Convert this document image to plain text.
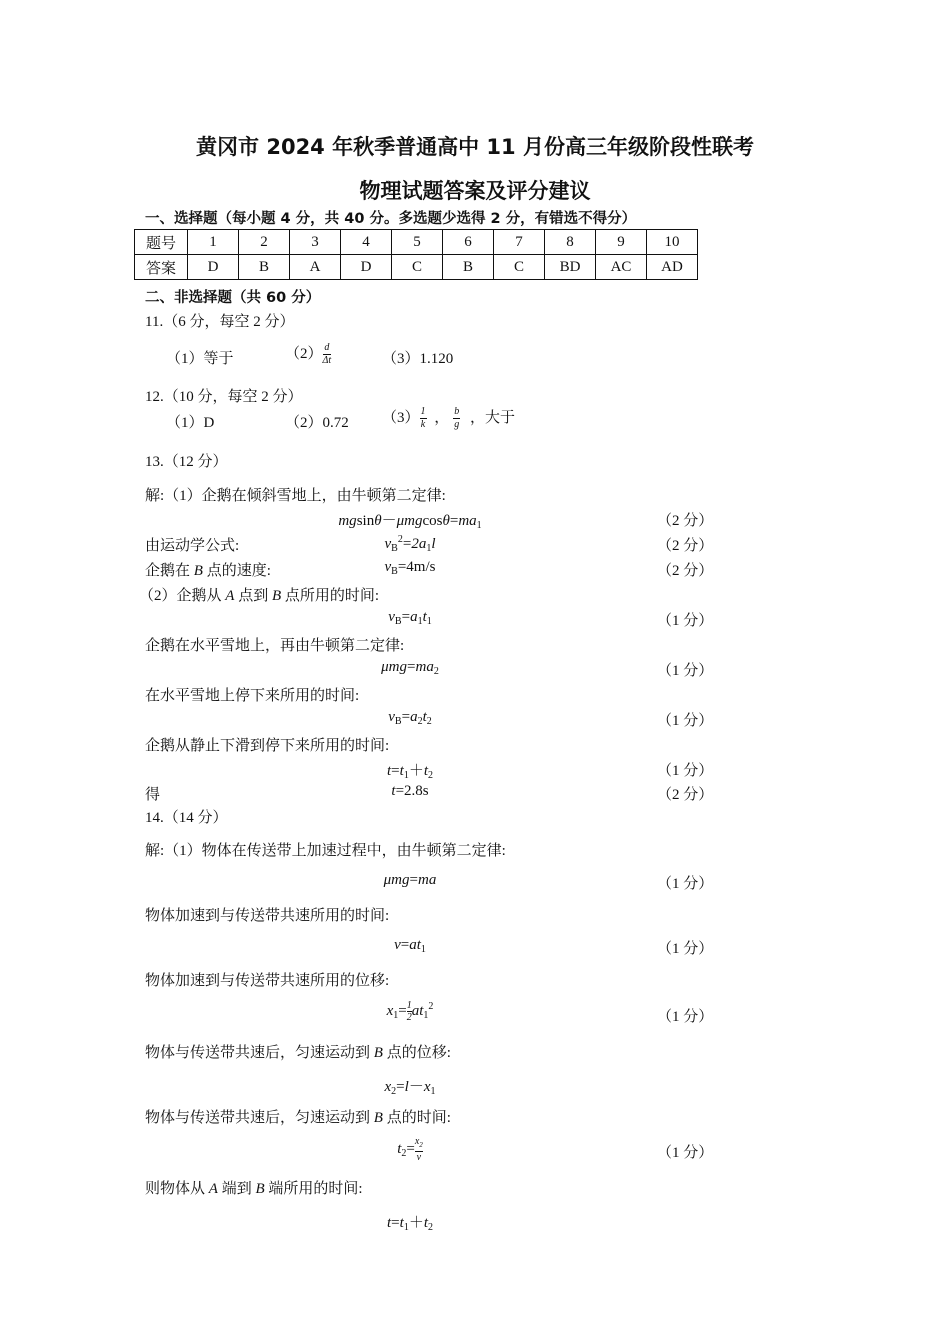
黄冈市 2024 年秋季普通高中 11 月份高三年级阶段性联考
物理试题答案及评分建议
一、选择题（每小题 4 分，共 40 分。多选题少选得 2 分，有错选不得分）
题号	1	2	3	4	5	6	7	8	9	10
答案	D	B	A	D	C	B	C	BD	AC	AD
二、非选择题（共 60 分）
11.（6 分，每空 2 分）
（1）等于	$(2) \frac{d}{\Delta t}$	（3）1.120
12.（10 分，每空 2 分）
（1）D	（2）0.72 $(3) \frac{1}{k}$ ， $\frac{b}{g}$ ，大于
13.（12 分）
解:（1）企鹅在倾斜雪地上，由牛顿第二定律:
$mgsin\theta-\mu mgcos\theta=ma_1$	（2 分）
由运动学公式:	$v_B^2=2a_1l$	（2 分）
企鹅在 B 点的速度:	$v_B=4m/s$	（2 分）
（2）企鹅从 A 点到 B 点所用的时间:
$v_B=a_1t_1$	（1 分）
企鹅在水平雪地上，再由牛顿第二定律:
$\mu mg=ma_2$	（1 分）
在水平雪地上停下来所用的时间:
$v_B=a_2t_2$	（1 分）
企鹅从静止下滑到停下来所用的时间:
$t=t_1+t_2$	（1 分）
得	t=2.8s	（2 分）
14.（14 分）
解:（1）物体在传送带上加速过程中，由牛顿第二定律:
μmg=ma	（1 分）
物体加速到与传送带共速所用的时间:
$v=at_1$	（1 分）
物体加速到与传送带共速所用的位移:
$x_1= \frac{1}{2} at_1^2$
（1 分）
物体与传送带共速后，匀速运动到 B 点的位移:
$x_2=l-x_1$
物体与传送带共速后，匀速运动到 B 点的时间:
$t_2= \frac{x_2}{v}$	（1 分）
则物体从 A 端到 B 端所用的时间:
$t=t_1+t_2$
